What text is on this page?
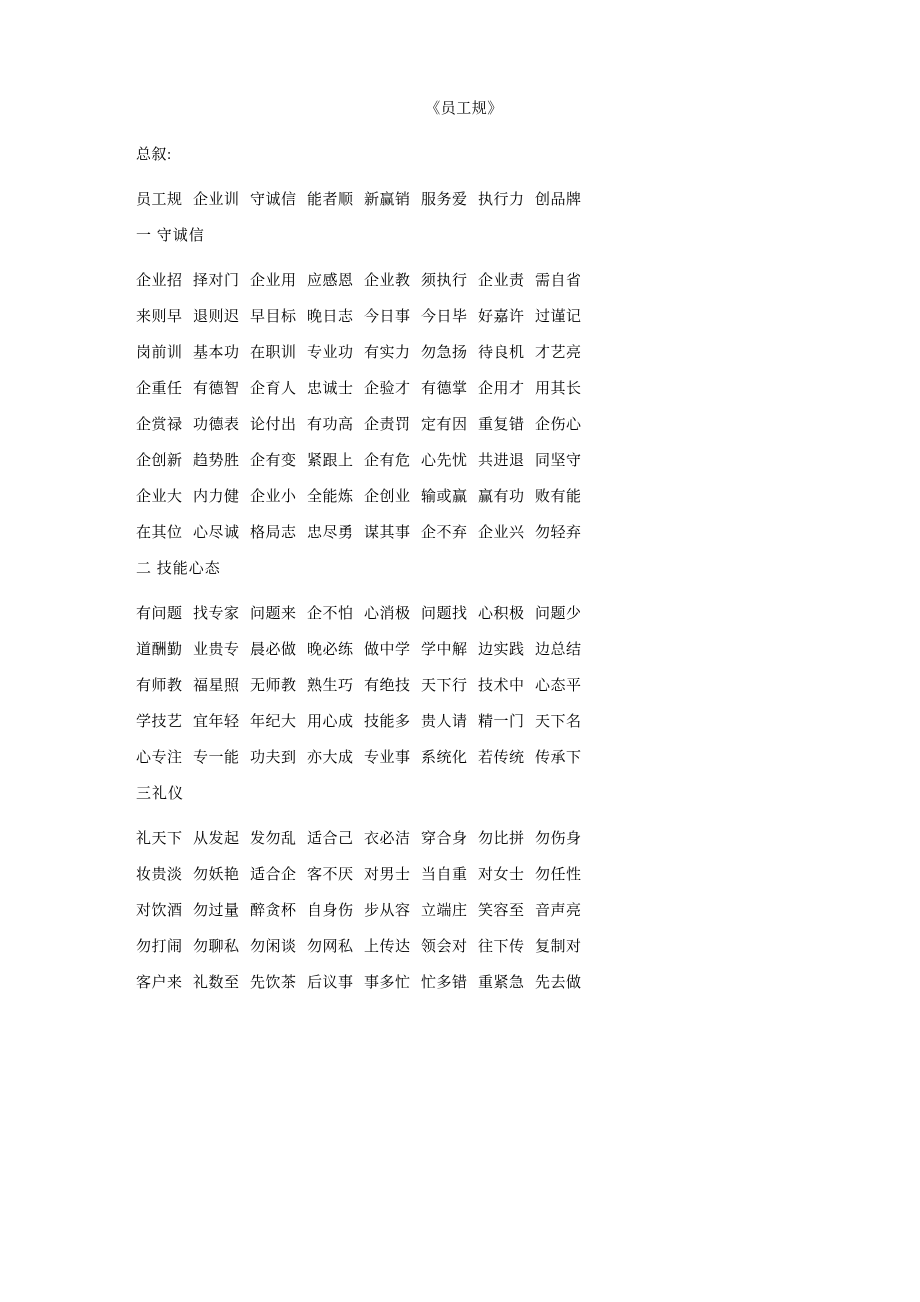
《员工规》
总叙:
员工规 企业训 守诚信 能者顺 新赢销 服务爱 执行力 创品牌
一 守诚信
企业招 择对门 企业用 应感恩 企业教 须执行 企业责 需自省
来则早 退则迟 早目标 晚日志 今日事 今日毕 好嘉许 过谨记
岗前训 基本功 在职训 专业功 有实力 勿急扬 待良机 才艺亮
企重任 有德智 企育人 忠诚士 企验才 有德掌 企用才 用其长
企赏禄 功德表 论付出 有功高 企责罚 定有因 重复错 企伤心
企创新 趋势胜 企有变 紧跟上 企有危 心先忧 共进退 同坚守
企业大 内力健 企业小 全能炼 企创业 输或赢 赢有功 败有能
在其位 心尽诚 格局志 忠尽勇 谋其事 企不弃 企业兴 勿轻弃
二 技能心态
有问题 找专家 问题来 企不怕 心消极 问题找 心积极 问题少
道酬勤 业贵专 晨必做 晚必练 做中学 学中解 边实践 边总结
有师教 福星照 无师教 熟生巧 有绝技 天下行 技术中 心态平
学技艺 宜年轻 年纪大 用心成 技能多 贵人请 精一门 天下名
心专注 专一能 功夫到 亦大成 专业事 系统化 若传统 传承下
三礼仪
礼天下 从发起 发勿乱 适合己 衣必洁 穿合身 勿比拼 勿伤身
妆贵淡 勿妖艳 适合企 客不厌 对男士 当自重 对女士 勿任性
对饮酒 勿过量 醉贪杯 自身伤 步从容 立端庄 笑容至 音声亮
勿打闹 勿聊私 勿闲谈 勿网私 上传达 领会对 往下传 复制对
客户来 礼数至 先饮茶 后议事 事多忙 忙多错 重紧急 先去做
